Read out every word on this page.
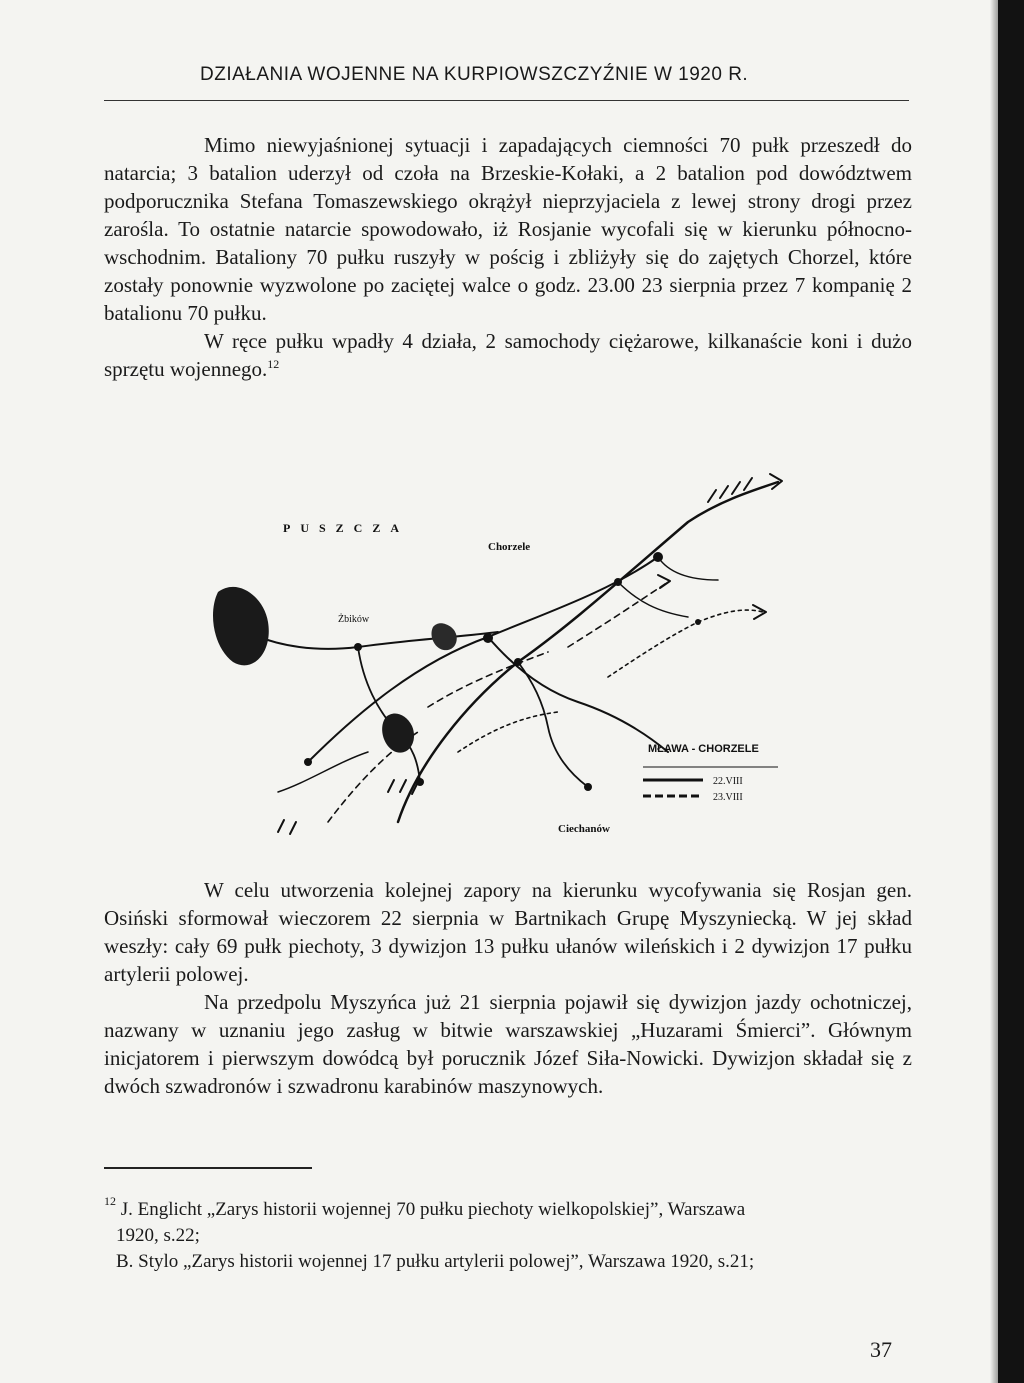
DZIAŁANIA WOJENNE NA KURPIOWSZCZYŹNIE W 1920 R.

Mimo niewyjaśnionej sytuacji i zapadających ciemności 70 pułk przeszedł do natarcia; 3 batalion uderzył od czoła na Brzeskie-Kołaki, a 2 batalion pod dowództwem podporucznika Stefana Tomaszewskiego okrążył nieprzyjaciela z lewej strony drogi przez zarośla. To ostatnie natarcie spowodowało, iż Rosjanie wycofali się w kierunku północno-wschodnim. Bataliony 70 pułku ruszyły w pościg i zbliżyły się do zajętych Chorzel, które zostały ponownie wyzwolone po zaciętej walce o godz. 23.00 23 sierpnia przez 7 kompanię 2 batalionu 70 pułku.

W ręce pułku wpadły 4 działa, 2 samochody ciężarowe, kilkanaście koni i dużo sprzętu wojennego.$^{12}$

PUSZCZA
Chorzele
Ciechanów
Żbików
MŁAWA - CHORZELE
22.VIII
23.VIII

W celu utworzenia kolejnej zapory na kierunku wycofywania się Rosjan gen. Osiński sformował wieczorem 22 sierpnia w Bartnikach Grupę Myszyniecką. W jej skład weszły: cały 69 pułk piechoty, 3 dywizjon 13 pułku ułanów wileńskich i 2 dywizjon 17 pułku artylerii polowej.

Na przedpolu Myszyńca już 21 sierpnia pojawił się dywizjon jazdy ochotniczej, nazwany w uznaniu jego zasług w bitwie warszawskiej „Huzarami Śmierci”. Głównym inicjatorem i pierwszym dowódcą był porucznik Józef Siła-Nowicki. Dywizjon składał się z dwóch szwadronów i szwadronu karabinów maszynowych.

12 J. Englicht „Zarys historii wojennej 70 pułku piechoty wielkopolskiej”, Warszawa

1920, s.22;

B. Stylo „Zarys historii wojennej 17 pułku artylerii polowej”, Warszawa 1920, s.21;

37
